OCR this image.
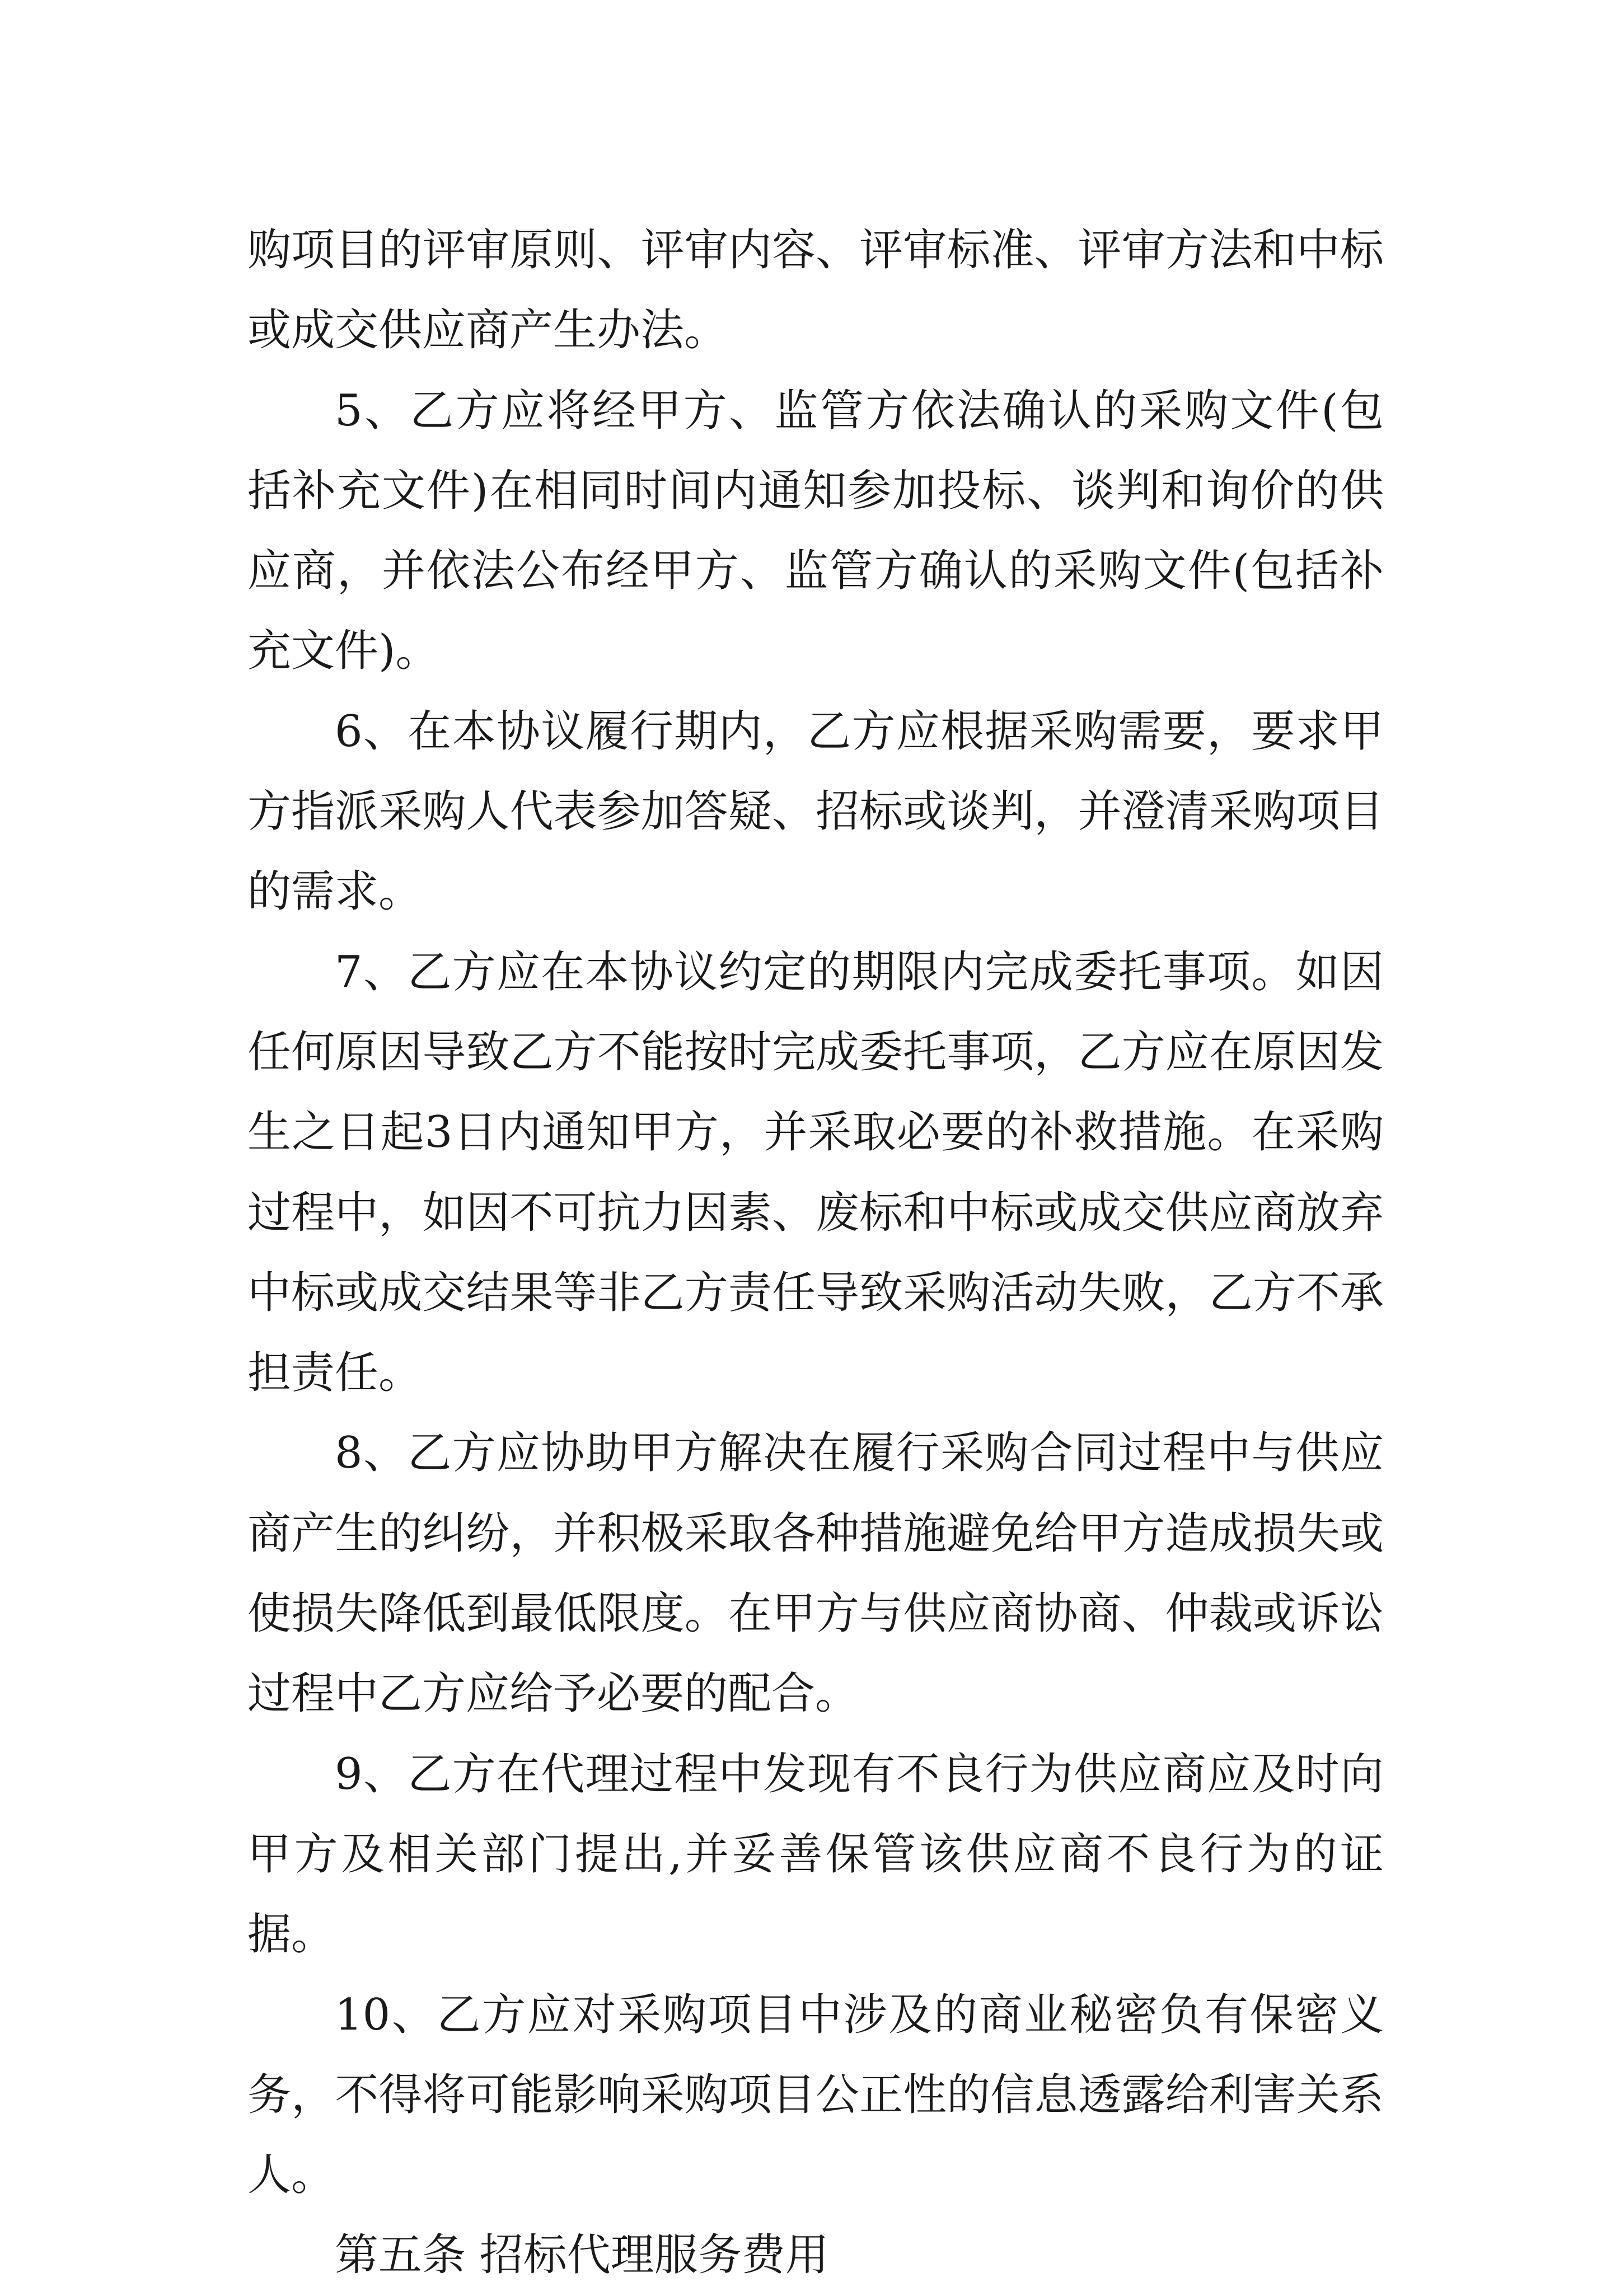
购项目的评审原则、评审内容、评审标准、评审方法和中标或成交供应商产生办法。

5、乙方应将经甲方、监管方依法确认的采购文件(包括补充文件)在相同时间内通知参加投标、谈判和询价的供应商，并依法公布经甲方、监管方确认的采购文件(包括补充文件)。

6、在本协议履行期内，乙方应根据采购需要，要求甲方指派采购人代表参加答疑、招标或谈判，并澄清采购项目的需求。

7、乙方应在本协议约定的期限内完成委托事项。如因任何原因导致乙方不能按时完成委托事项，乙方应在原因发生之日起3日内通知甲方，并采取必要的补救措施。在采购过程中，如因不可抗力因素、废标和中标或成交供应商放弃中标或成交结果等非乙方责任导致采购活动失败，乙方不承担责任。

8、乙方应协助甲方解决在履行采购合同过程中与供应商产生的纠纷，并积极采取各种措施避免给甲方造成损失或使损失降低到最低限度。在甲方与供应商协商、仲裁或诉讼过程中乙方应给予必要的配合。

9、乙方在代理过程中发现有不良行为供应商应及时向甲方及相关部门提出,并妥善保管该供应商不良行为的证据。

10、乙方应对采购项目中涉及的商业秘密负有保密义务，不得将可能影响采购项目公正性的信息透露给利害关系人。

第五条 招标代理服务费用
